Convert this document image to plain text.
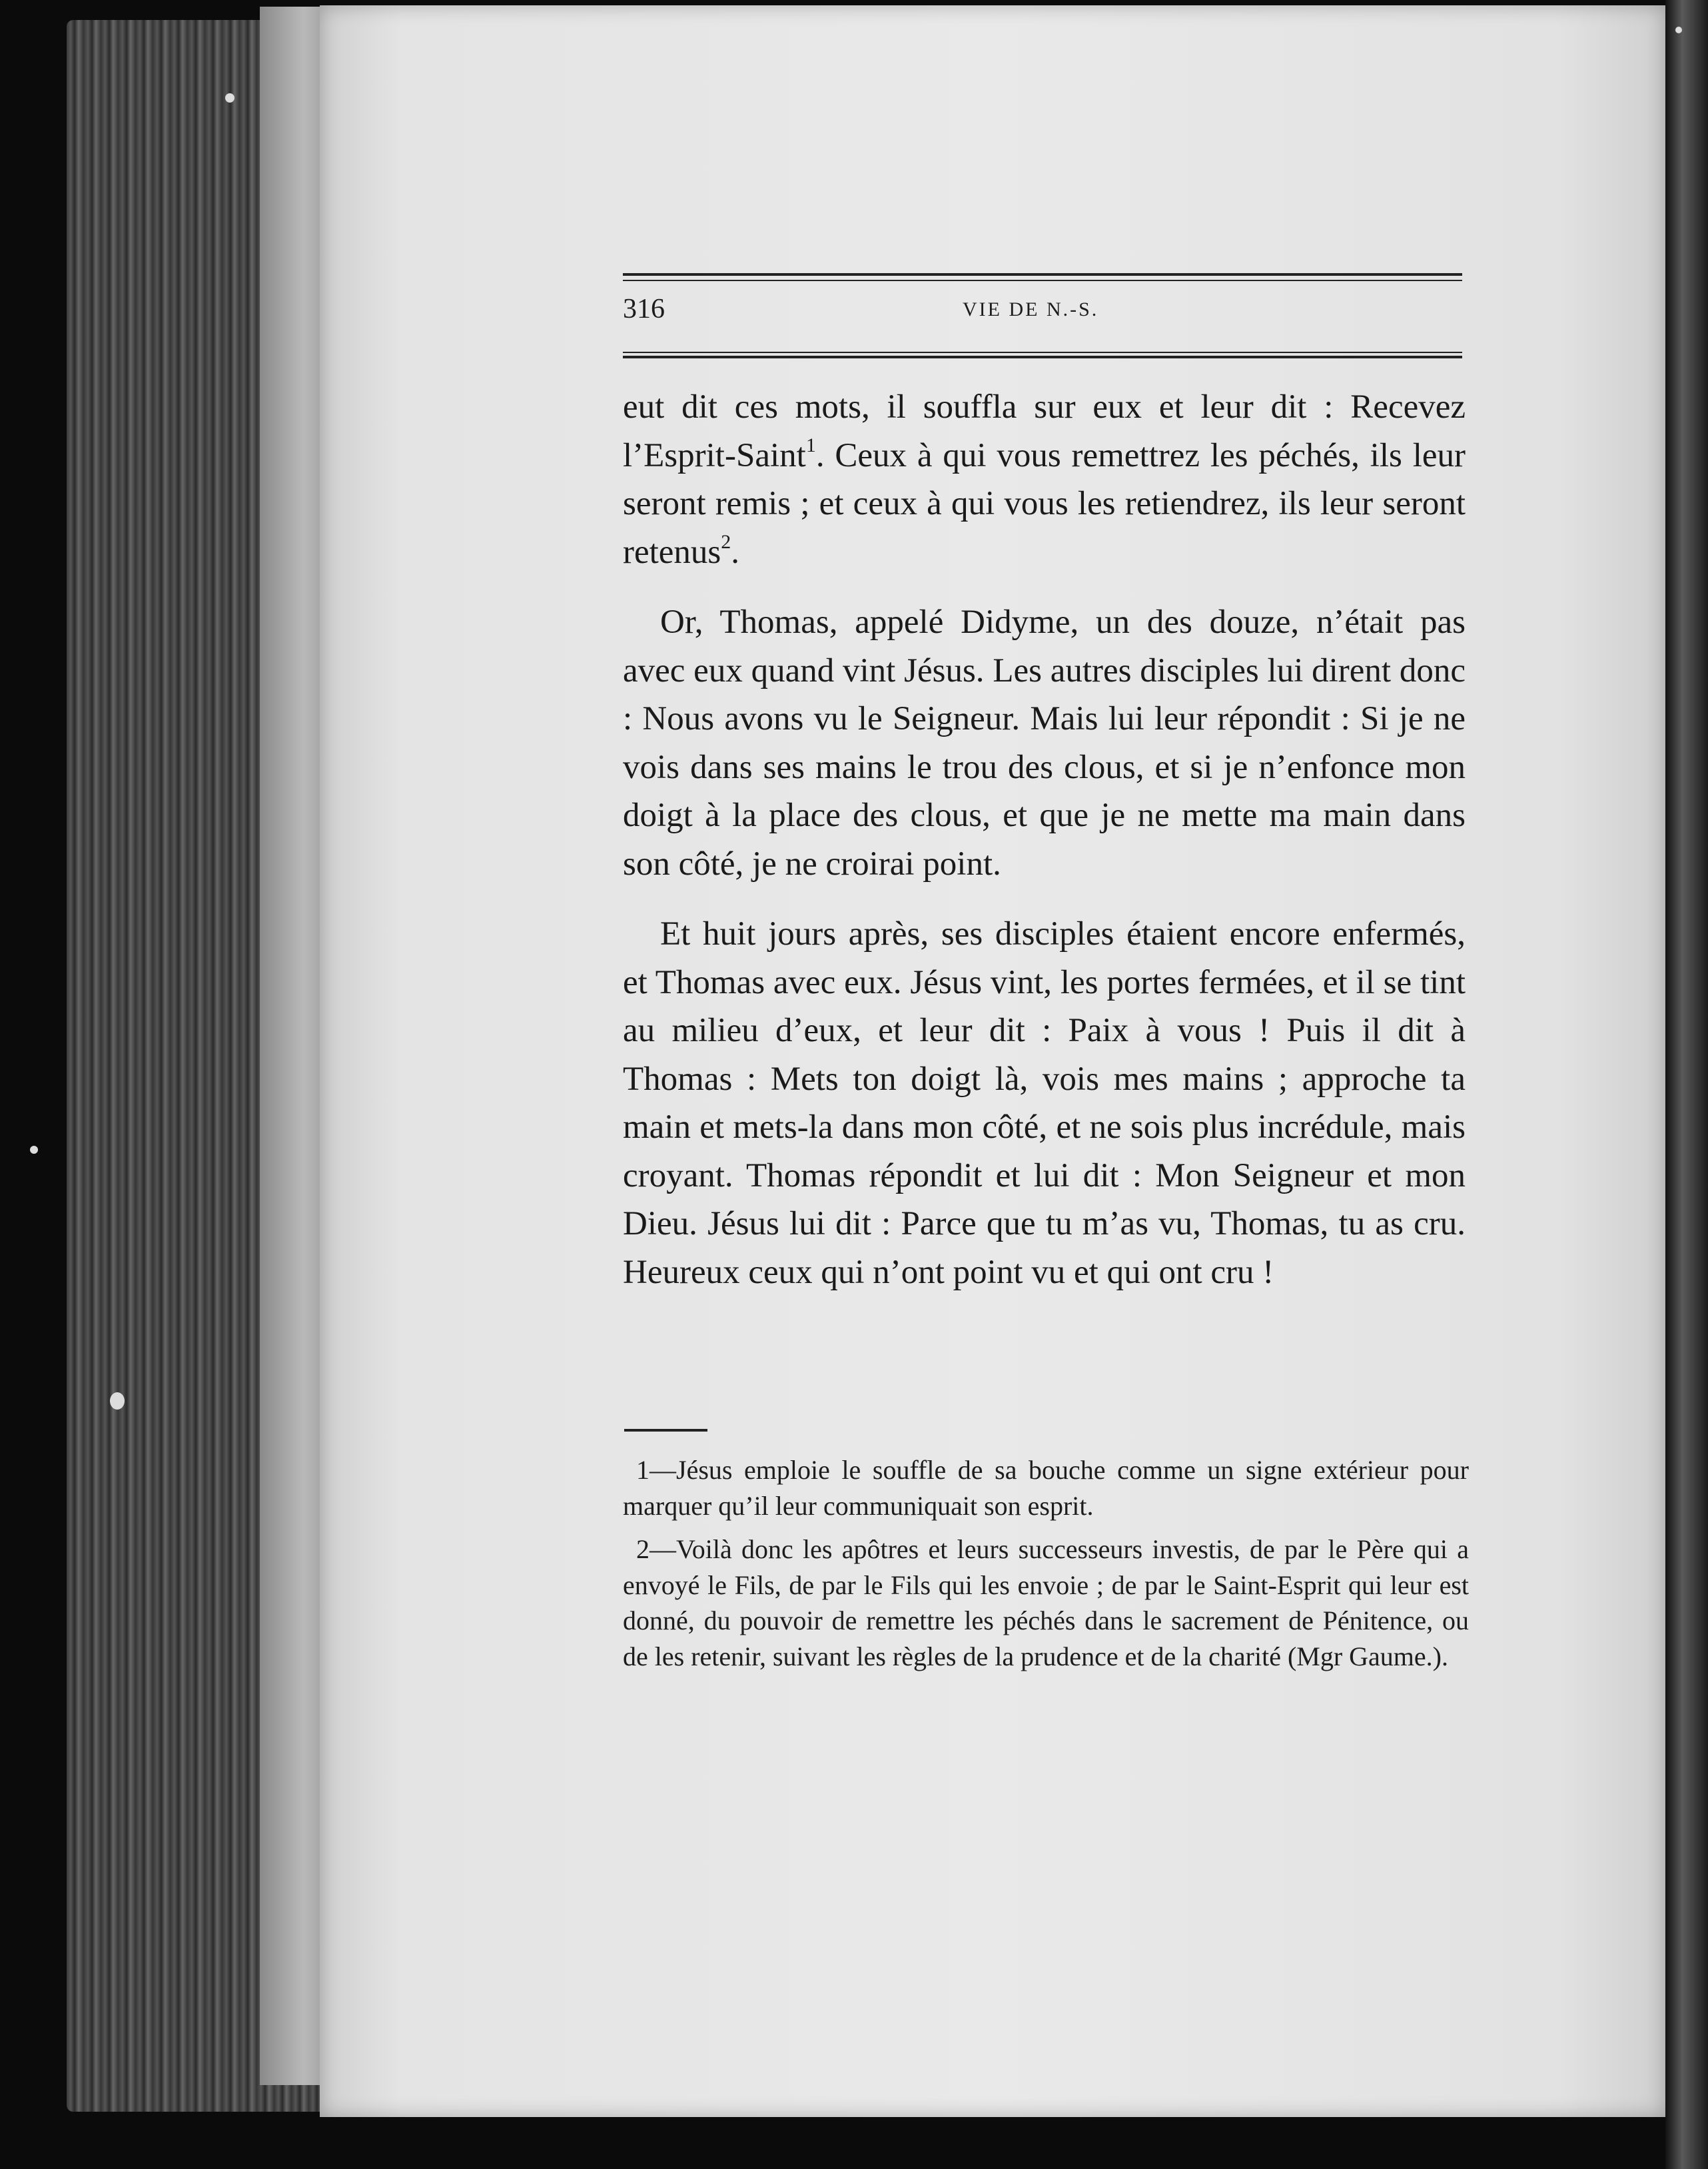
316	VIE DE N.-S.

eut dit ces mots, il souffla sur eux et leur dit : Recevez l’Esprit-Saint$^1$. Ceux à qui vous remettrez les péchés, ils leur seront remis ; et ceux à qui vous les retiendrez, ils leur seront retenus$^2$.

Or, Thomas, appelé Didyme, un des douze, n’était pas avec eux quand vint Jésus. Les autres disciples lui dirent donc : Nous avons vu le Seigneur. Mais lui leur répondit : Si je ne vois dans ses mains le trou des clous, et si je n’enfonce mon doigt à la place des clous, et que je ne mette ma main dans son côté, je ne croirai point.

Et huit jours après, ses disciples étaient encore enfermés, et Thomas avec eux. Jésus vint, les portes fermées, et il se tint au milieu d’eux, et leur dit : Paix à vous ! Puis il dit à Thomas : Mets ton doigt là, vois mes mains ; approche ta main et mets-la dans mon côté, et ne sois plus incrédule, mais croyant. Thomas répondit et lui dit : Mon Seigneur et mon Dieu. Jésus lui dit : Parce que tu m’as vu, Thomas, tu as cru. Heureux ceux qui n’ont point vu et qui ont cru !

1—Jésus emploie le souffle de sa bouche comme un signe extérieur pour marquer qu’il leur communiquait son esprit.

2—Voilà donc les apôtres et leurs successeurs investis, de par le Père qui a envoyé le Fils, de par le Fils qui les envoie ; de par le Saint-Esprit qui leur est donné, du pouvoir de remettre les péchés dans le sacrement de Pénitence, ou de les retenir, suivant les règles de la prudence et de la charité (Mgr Gaume.).
